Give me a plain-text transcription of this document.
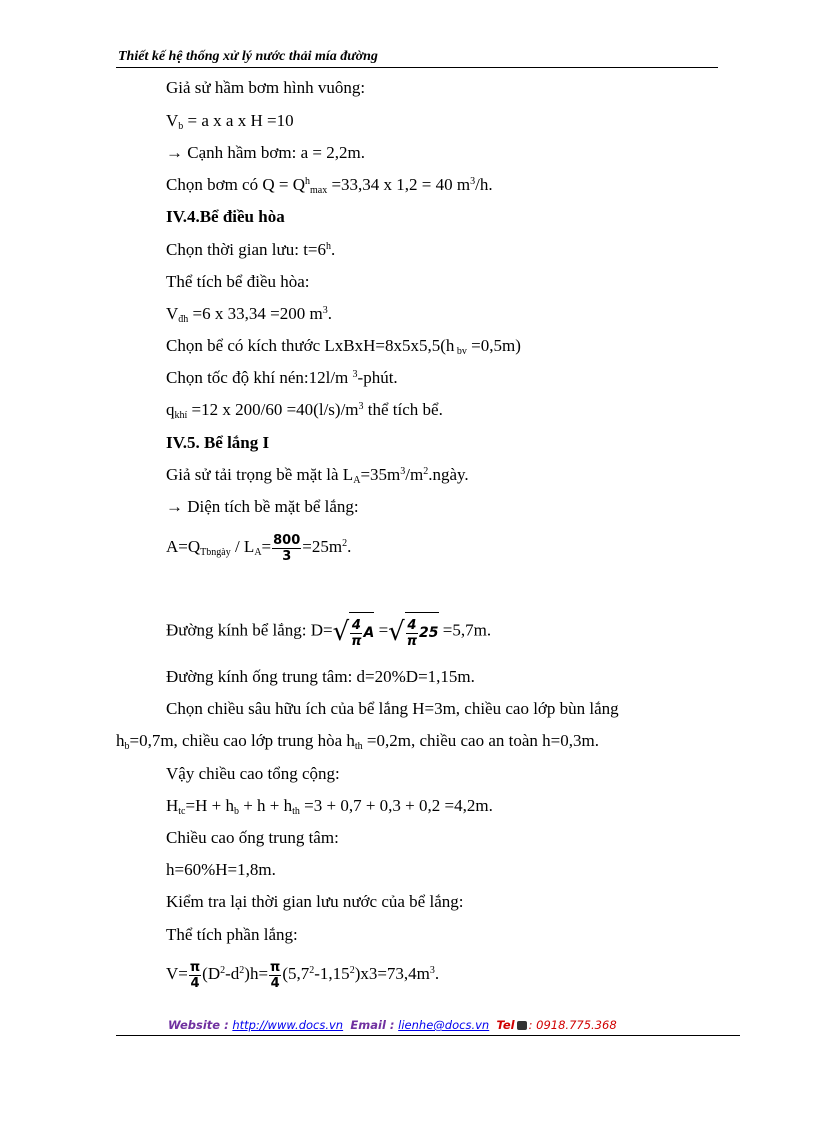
Thiết kế hệ thống xử lý nước thải mía đường
Giả sử hầm bơm hình vuông:
$V_b = a$ x a x H =10
→ Cạnh hầm bơm: a = 2,2m.
Chọn bơm có $Q = Q^h_{max} =33,34$ x 1,2 = 40 $m^3/h$.
IV.4.Bể điều hòa
Chọn thời gian lưu: $t=6^h$.
Thể tích bể điều hòa:
$V_{đh} =6$ x 33,34 =200 $m^3$.
Chọn bể có kích thước LxBxH=8x5x5,5(h $_{bv}$ =0,5m)
Chọn tốc độ khí nén:12l/m $^3$-phút.
$q_{khí} =12$ x $200/60 =40(l/s)/m^3$ thể tích bể.
IV.5. Bể lắng I
Giả sử tải trọng bề mặt là $L_A=35m^3/m^2.ngày$.
→ Diện tích bề mặt bể lắng:
$A=Q_{Tbngày} / L_A= \frac{800}{3} =25m^2$.
Đường kính bể lắng: $D=√ \frac{4}{\pi}$ A =√ $\frac{4}{\pi} 25 =5,7m$.
Đường kính ống trung tâm: d=20%D=1,15m.
Chọn chiều sâu hữu ích của bể lắng H=3m, chiều cao lớp bùn lắng
$h_b=0,7m$, chiều cao lớp trung hòa $h_{th} =0,2m$, chiều cao an toàn h=0,3m.
Vậy chiều cao tổng cộng:
$H_{tc}=H + h_b + h + h_{th} =3 + 0,7 + 0,3 + 0,2 =4,2m$.
Chiều cao ống trung tâm:
h=60%H=1,8m.
Kiểm tra lại thời gian lưu nước của bể lắng:
Thể tích phần lắng:
$V= \frac{\pi}{4} (D^2-d^2)h= \frac{\pi}{4} (5,7^2-1,15^2)x3=73,4m^3$.
Website : http://www.docs.vn Email : lienhe@docs.vn Tel : 0918.775.368
